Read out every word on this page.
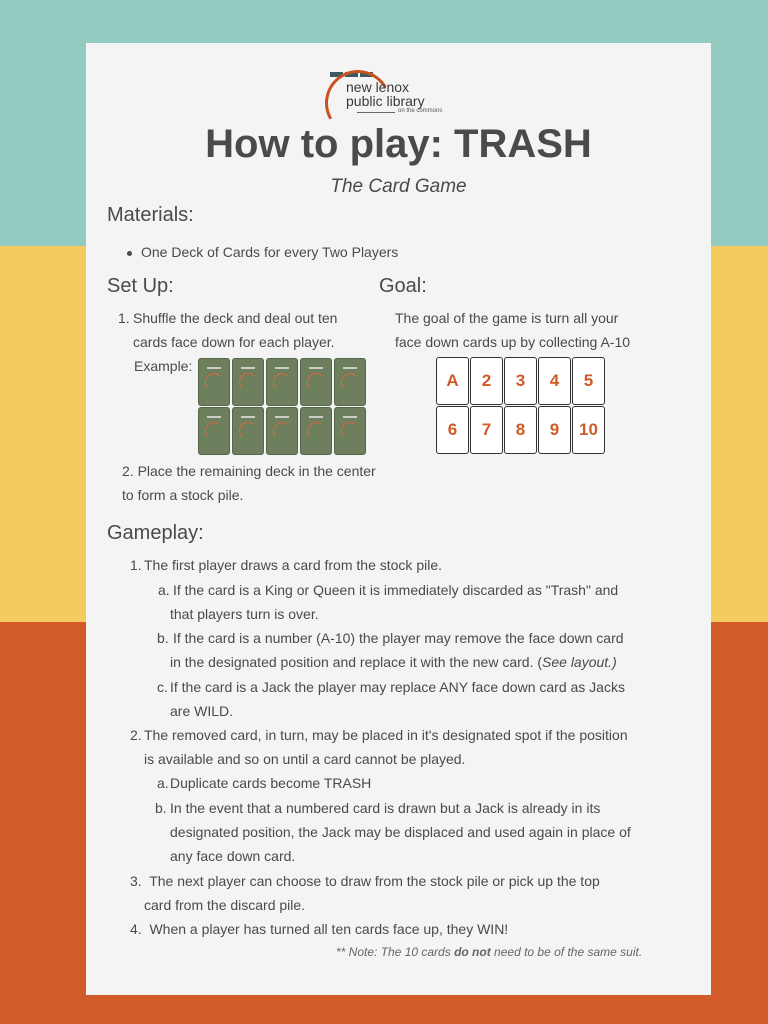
new lenox
public library
on the commons
How to play: TRASH
The Card Game
Materials:
One Deck of Cards for every Two Players
Set Up:
1. Shuffle the deck and deal out ten
cards face down for each player.
Example:
2. Place the remaining deck in the center
to form a stock pile.
Goal:
The goal of the game is turn all your
face down cards up by collecting A-10
A	2	3	4	5
6	7	8	9	10
Gameplay:
1. The first player draws a card from the stock pile.
a. If the card is a King or Queen it is immediately discarded as "Trash" and
that players turn is over.
b. If the card is a number (A-10) the player may remove the face down card
in the designated position and replace it with the new card. (See layout.)
c. If the card is a Jack the player may replace ANY face down card as Jacks
are WILD.
2. The removed card, in turn, may be placed in it's designated spot if the position
is available and so on until a card cannot be played.
a. Duplicate cards become TRASH
b. In the event that a numbered card is drawn but a Jack is already in its
designated position, the Jack may be displaced and used again in place of
any face down card.
3.  The next player can choose to draw from the stock pile or pick up the top
card from the discard pile.
4.  When a player has turned all ten cards face up, they WIN!
** Note: The 10 cards do not need to be of the same suit.
